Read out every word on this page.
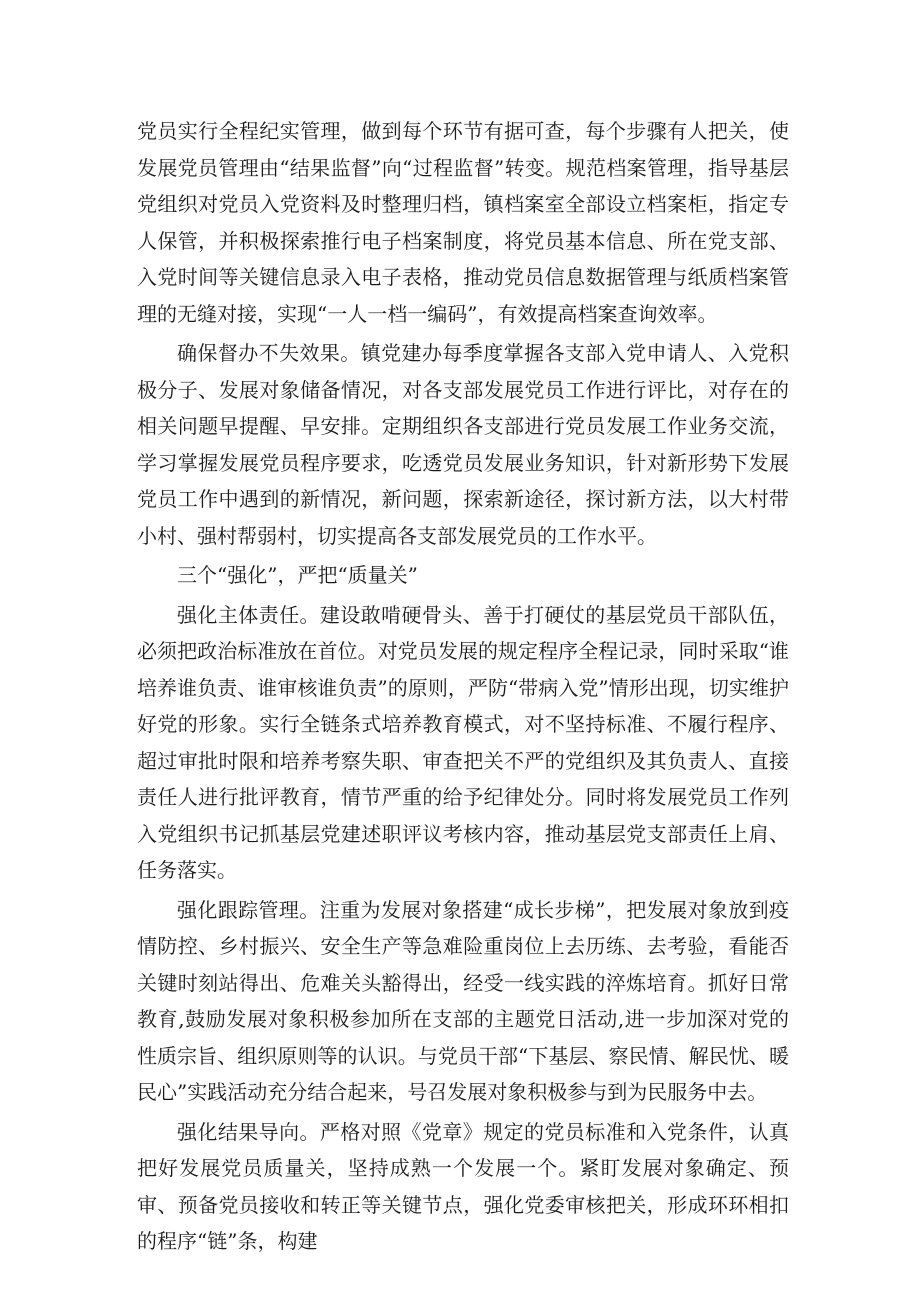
党员实行全程纪实管理，做到每个环节有据可查，每个步骤有人把关，使发展党员管理由“结果监督”向“过程监督”转变。规范档案管理，指导基层党组织对党员入党资料及时整理归档，镇档案室全部设立档案柜，指定专人保管，并积极探索推行电子档案制度，将党员基本信息、所在党支部、入党时间等关键信息录入电子表格，推动党员信息数据管理与纸质档案管理的无缝对接，实现“一人一档一编码”，有效提高档案查询效率。

确保督办不失效果。镇党建办每季度掌握各支部入党申请人、入党积极分子、发展对象储备情况，对各支部发展党员工作进行评比，对存在的相关问题早提醒、早安排。定期组织各支部进行党员发展工作业务交流，学习掌握发展党员程序要求，吃透党员发展业务知识，针对新形势下发展党员工作中遇到的新情况，新问题，探索新途径，探讨新方法，以大村带小村、强村帮弱村，切实提高各支部发展党员的工作水平。

三个“强化”，严把“质量关”

强化主体责任。建设敢啃硬骨头、善于打硬仗的基层党员干部队伍，必须把政治标准放在首位。对党员发展的规定程序全程记录，同时采取“谁培养谁负责、谁审核谁负责”的原则，严防“带病入党”情形出现，切实维护好党的形象。实行全链条式培养教育模式，对不坚持标准、不履行程序、超过审批时限和培养考察失职、审查把关不严的党组织及其负责人、直接责任人进行批评教育，情节严重的给予纪律处分。同时将发展党员工作列入党组织书记抓基层党建述职评议考核内容，推动基层党支部责任上肩、任务落实。

强化跟踪管理。注重为发展对象搭建“成长步梯”，把发展对象放到疫情防控、乡村振兴、安全生产等急难险重岗位上去历练、去考验，看能否关键时刻站得出、危难关头豁得出，经受一线实践的淬炼培育。抓好日常教育,鼓励发展对象积极参加所在支部的主题党日活动,进一步加深对党的性质宗旨、组织原则等的认识。与党员干部“下基层、察民情、解民忧、暖民心”实践活动充分结合起来，号召发展对象积极参与到为民服务中去。

强化结果导向。严格对照《党章》规定的党员标准和入党条件，认真把好发展党员质量关，坚持成熟一个发展一个。紧盯发展对象确定、预审、预备党员接收和转正等关键节点，强化党委审核把关，形成环环相扣的程序“链”条，构建
